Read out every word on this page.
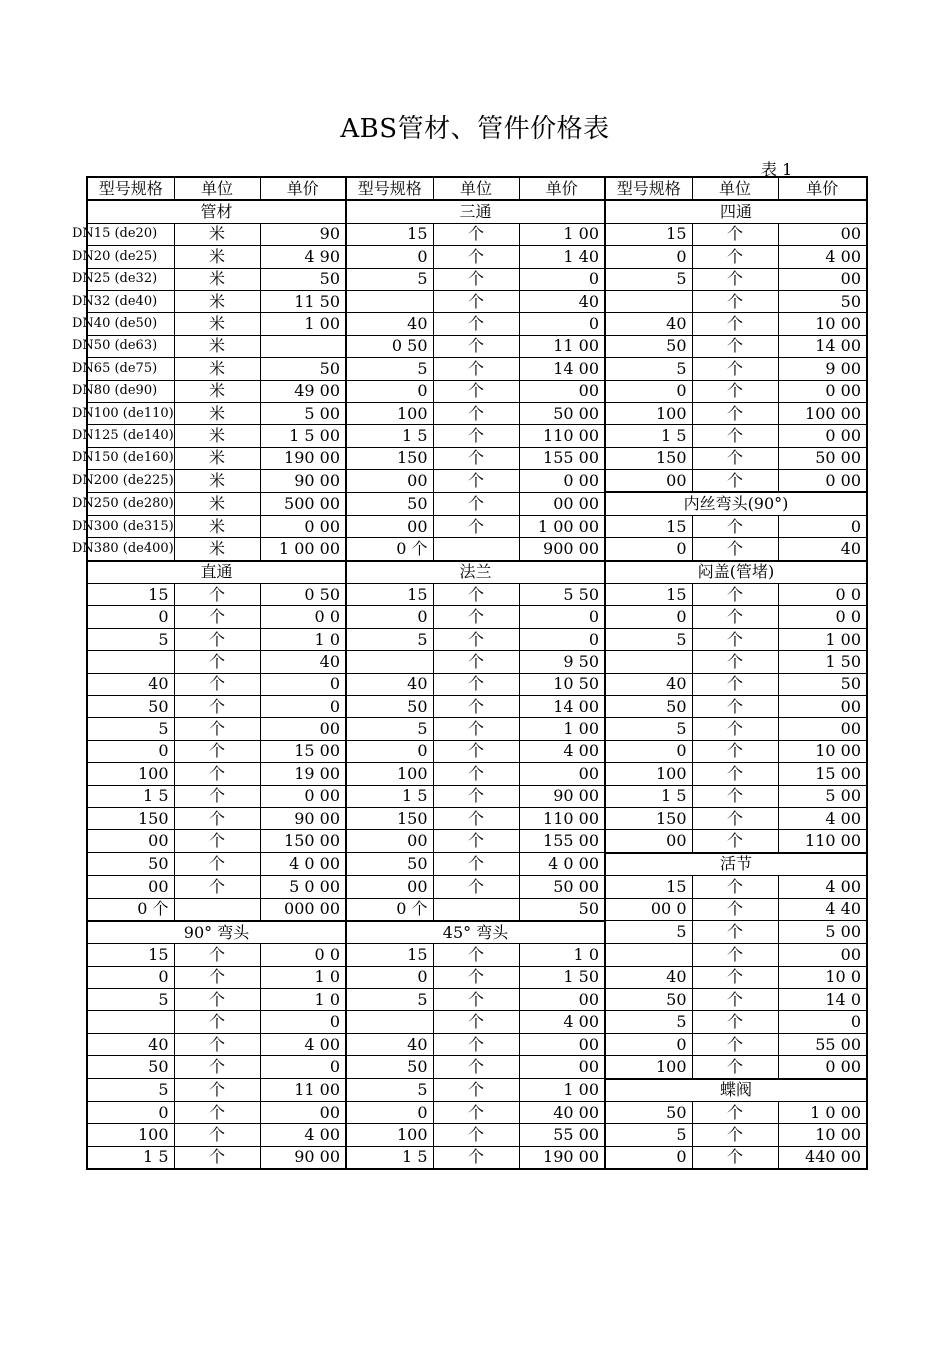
ABS管材、管件价格表
表 1
型号规格	单位	单价	型号规格	单位	单价	型号规格	单位	单价
管材			三通			四通		
DN15 (de20)	米	90	15	个	1 00	15	个	00
DN20 (de25)	米	4 90	0	个	1 40	0	个	4 00
DN25 (de32)	米	50	5	个	0	5	个	00
DN32 (de40)	米	11 50		个	40		个	50
DN40 (de50)	米	1 00	40	个	0	40	个	10 00
DN50 (de63)	米		0 50	个	11 00	50	个	14 00
DN65 (de75)	米	50	5	个	14 00	5	个	9 00
DN80 (de90)	米	49 00	0	个	00	0	个	0 00
DN100 (de110)	米	5 00	100	个	50 00	100	个	100 00
DN125 (de140)	米	1 5 00	1 5	个	110 00	1 5	个	0 00
DN150 (de160)	米	190 00	150	个	155 00	150	个	50 00
DN200 (de225)	米	90 00	00	个	0 00	00	个	0 00
DN250 (de280)	米	500 00	50	个	00 00	内丝弯头(90°)		
DN300 (de315)	米	0 00	00	个	1 00 00	15	个	0
DN380 (de400)	米	1 00 00	0 个		900 00	0	个	40
直通			法兰			闷盖(管堵)		
15	个	0 50	15	个	5 50	15	个	0 0
0	个	0 0	0	个	0	0	个	0 0
5	个	1 0	5	个	0	5	个	1 00
	个	40		个	9 50		个	1 50
40	个	0	40	个	10 50	40	个	50
50	个	0	50	个	14 00	50	个	00
5	个	00	5	个	1 00	5	个	00
0	个	15 00	0	个	4 00	0	个	10 00
100	个	19 00	100	个	00	100	个	15 00
1 5	个	0 00	1 5	个	90 00	1 5	个	5 00
150	个	90 00	150	个	110 00	150	个	4 00
00	个	150 00	00	个	155 00	00	个	110 00
50	个	4 0 00	50	个	4 0 00	活节		
00	个	5 0 00	00	个	50 00	15	个	4 00
0 个		000 00	0 个		50	00 0	个	4 40
90° 弯头			45° 弯头			5	个	5 00
15	个	0 0	15	个	1 0		个	00
0	个	1 0	0	个	1 50	40	个	10 0
5	个	1 0	5	个	00	50	个	14 0
	个	0		个	4 00	5	个	0
40	个	4 00	40	个	00	0	个	55 00
50	个	0	50	个	00	100	个	0 00
5	个	11 00	5	个	1 00	蝶阀		
0	个	00	0	个	40 00	50	个	1 0 00
100	个	4 00	100	个	55 00	5	个	10 00
1 5	个	90 00	1 5	个	190 00	0	个	440 00
